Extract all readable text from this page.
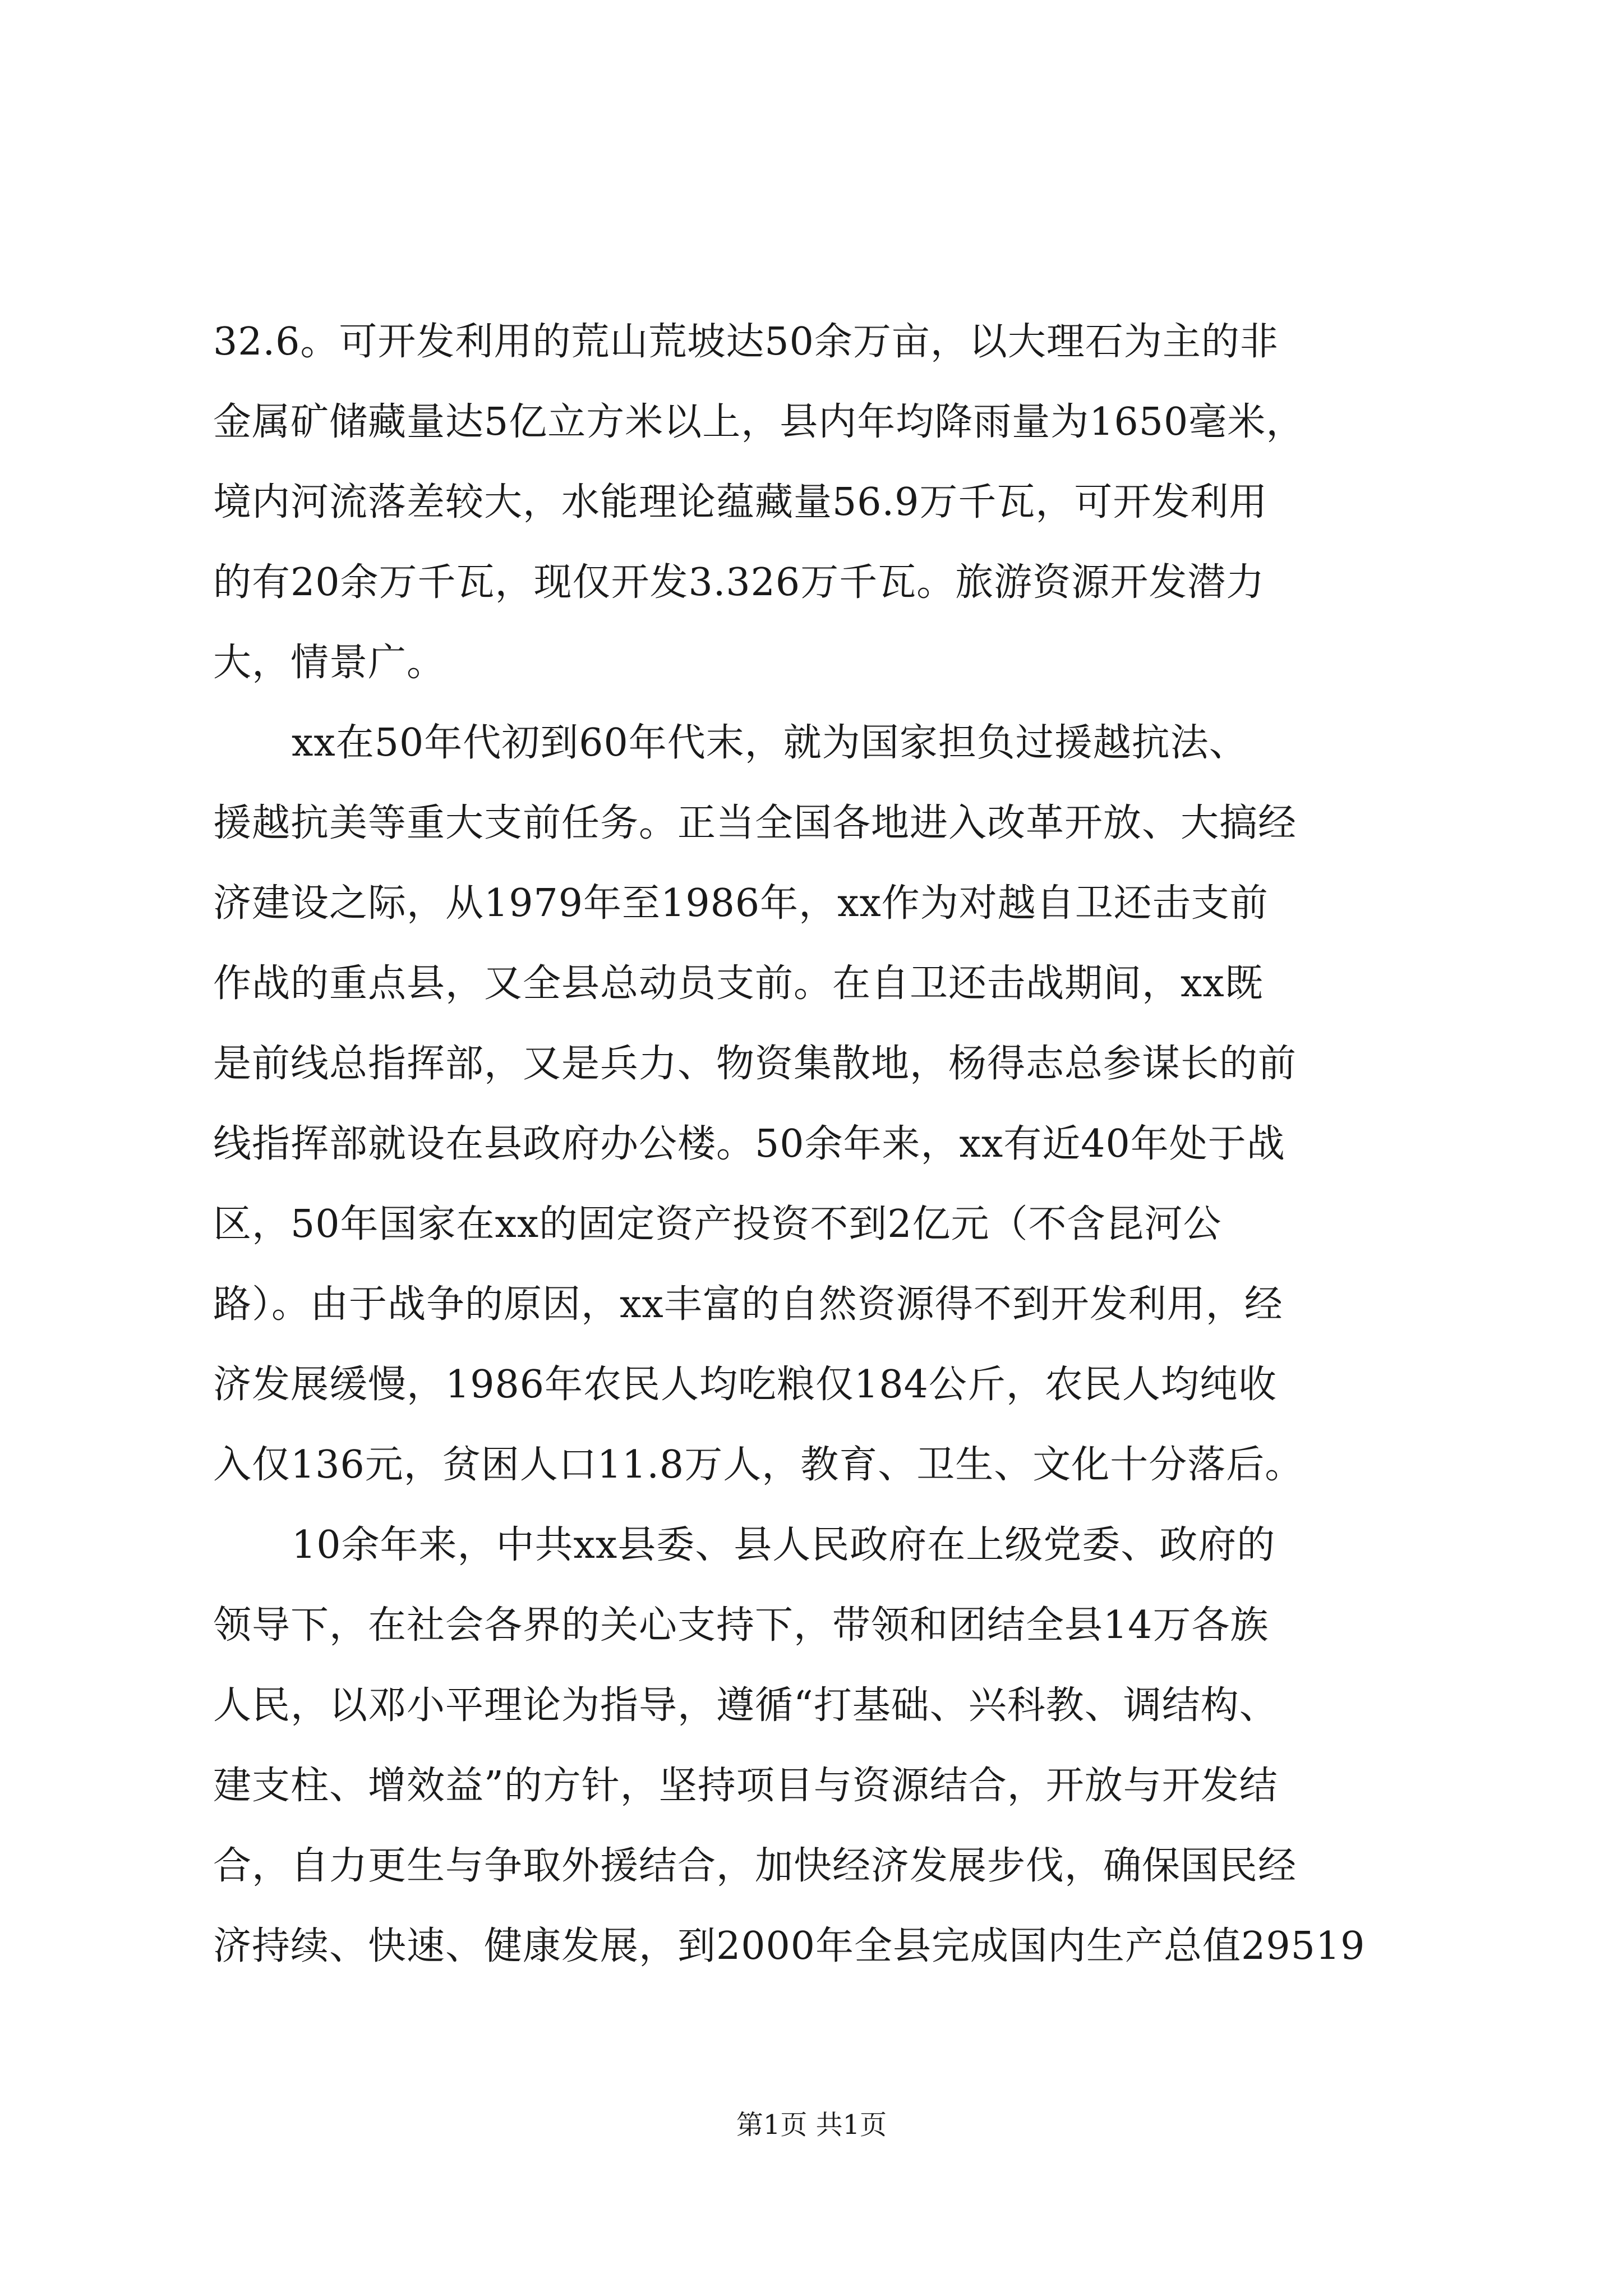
32.6。可开发利用的荒山荒坡达50余万亩，以大理石为主的非
金属矿储藏量达5亿立方米以上，县内年均降雨量为1650毫米，
境内河流落差较大，水能理论蕴藏量56.9万千瓦，可开发利用
的有20余万千瓦，现仅开发3.326万千瓦。旅游资源开发潜力
大，情景广。
xx在50年代初到60年代末，就为国家担负过援越抗法、
援越抗美等重大支前任务。正当全国各地进入改革开放、大搞经
济建设之际，从1979年至1986年，xx作为对越自卫还击支前
作战的重点县，又全县总动员支前。在自卫还击战期间，xx既
是前线总指挥部，又是兵力、物资集散地，杨得志总参谋长的前
线指挥部就设在县政府办公楼。50余年来，xx有近40年处于战
区，50年国家在xx的固定资产投资不到2亿元（不含昆河公
路）。由于战争的原因，xx丰富的自然资源得不到开发利用，经
济发展缓慢，1986年农民人均吃粮仅184公斤，农民人均纯收
入仅136元，贫困人口11.8万人，教育、卫生、文化十分落后。
10余年来，中共xx县委、县人民政府在上级党委、政府的
领导下，在社会各界的关心支持下，带领和团结全县14万各族
人民，以邓小平理论为指导，遵循“打基础、兴科教、调结构、
建支柱、增效益”的方针，坚持项目与资源结合，开放与开发结
合，自力更生与争取外援结合，加快经济发展步伐，确保国民经
济持续、快速、健康发展，到2000年全县完成国内生产总值29519
第1页 共1页
